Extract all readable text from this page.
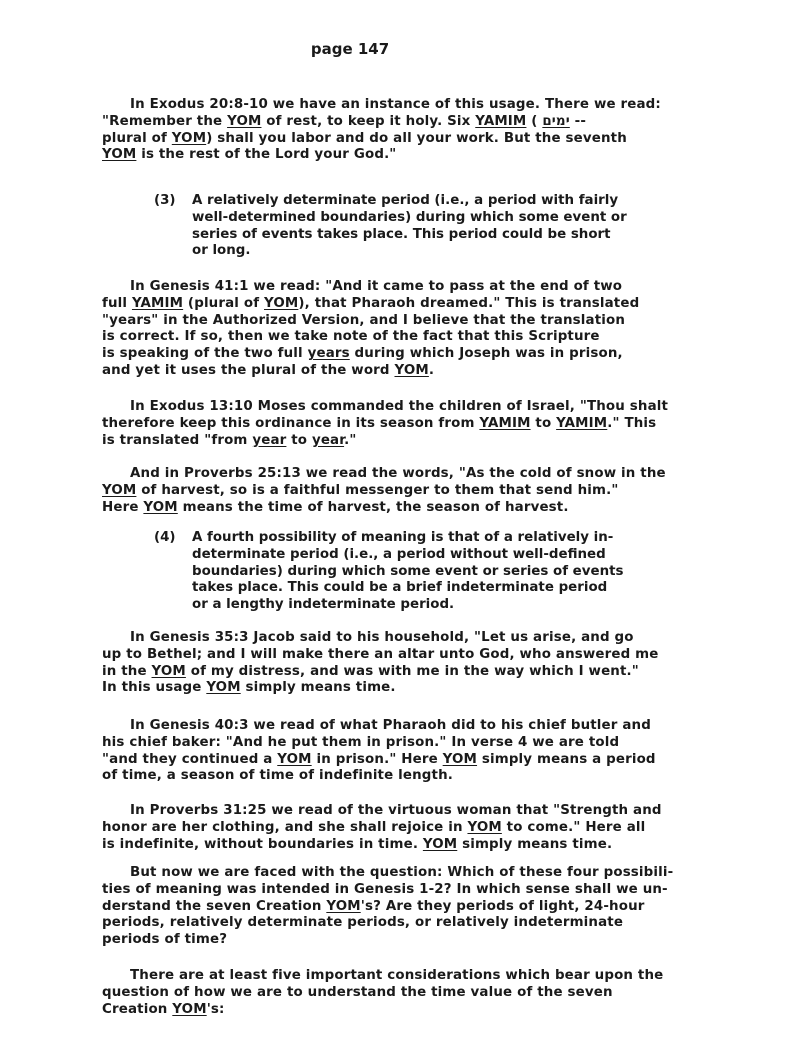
page 147

In Exodus 20:8-10 we have an instance of this usage. There we read:
"Remember the YOM of rest, to keep it holy. Six YAMIM ( ימים --
plural of YOM) shall you labor and do all your work. But the seventh
YOM is the rest of the Lord your God."

(3) A relatively determinate period (i.e., a period with fairly
well-determined boundaries) during which some event or
series of events takes place. This period could be short
or long.

In Genesis 41:1 we read: "And it came to pass at the end of two
full YAMIM (plural of YOM), that Pharaoh dreamed." This is translated
"years" in the Authorized Version, and I believe that the translation
is correct. If so, then we take note of the fact that this Scripture
is speaking of the two full years during which Joseph was in prison,
and yet it uses the plural of the word YOM.

In Exodus 13:10 Moses commanded the children of Israel, "Thou shalt
therefore keep this ordinance in its season from YAMIM to YAMIM." This
is translated "from year to year."

And in Proverbs 25:13 we read the words, "As the cold of snow in the
YOM of harvest, so is a faithful messenger to them that send him."
Here YOM means the time of harvest, the season of harvest.

(4) A fourth possibility of meaning is that of a relatively in-
determinate period (i.e., a period without well-defined
boundaries) during which some event or series of events
takes place. This could be a brief indeterminate period
or a lengthy indeterminate period.

In Genesis 35:3 Jacob said to his household, "Let us arise, and go
up to Bethel; and I will make there an altar unto God, who answered me
in the YOM of my distress, and was with me in the way which I went."
In this usage YOM simply means time.

In Genesis 40:3 we read of what Pharaoh did to his chief butler and
his chief baker: "And he put them in prison." In verse 4 we are told
"and they continued a YOM in prison." Here YOM simply means a period
of time, a season of time of indefinite length.

In Proverbs 31:25 we read of the virtuous woman that "Strength and
honor are her clothing, and she shall rejoice in YOM to come." Here all
is indefinite, without boundaries in time. YOM simply means time.

But now we are faced with the question: Which of these four possibili-
ties of meaning was intended in Genesis 1-2? In which sense shall we un-
derstand the seven Creation YOM's? Are they periods of light, 24-hour
periods, relatively determinate periods, or relatively indeterminate
periods of time?

There are at least five important considerations which bear upon the
question of how we are to understand the time value of the seven
Creation YOM's:
